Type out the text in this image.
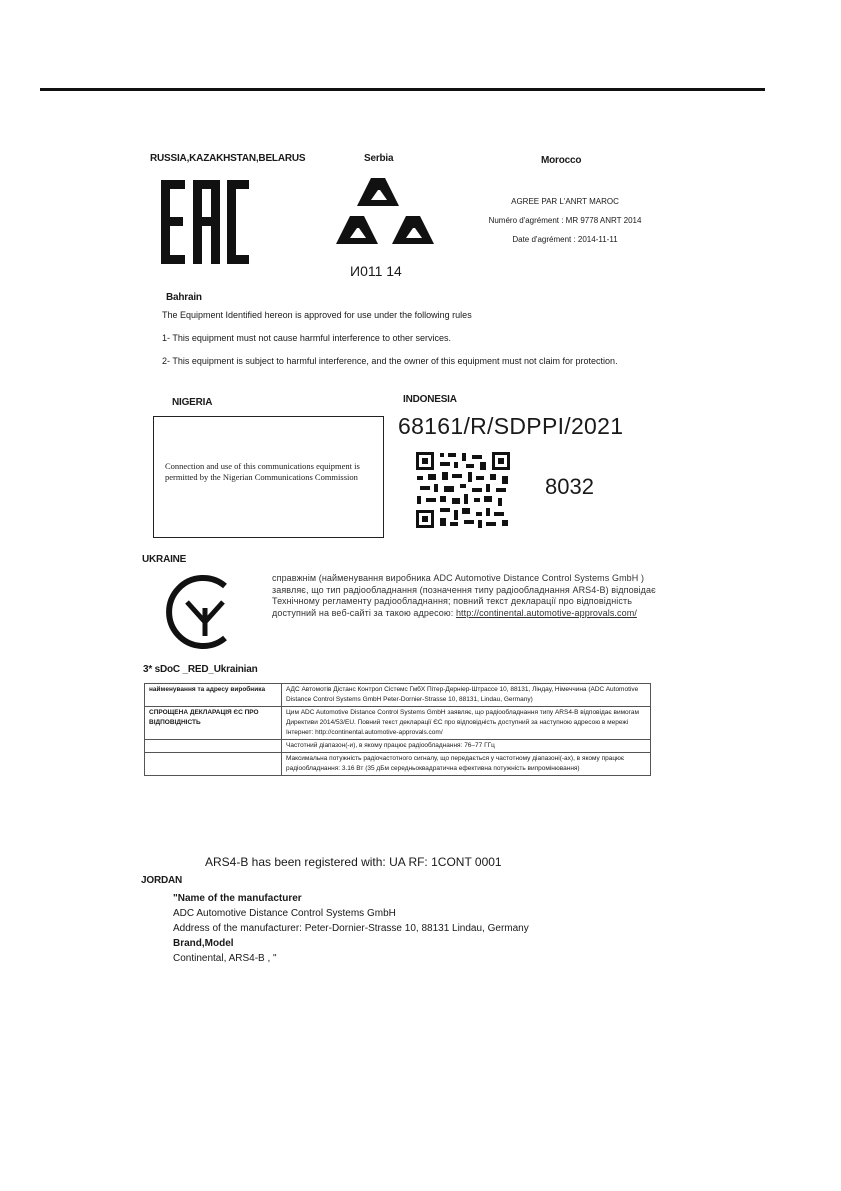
RUSSIA,KAZAKHSTAN,BELARUS	Serbia	Morocco
И011 14
AGREE PAR L'ANRT MAROC
Numéro d'agrément : MR 9778 ANRT 2014
Date d'agrément : 2014-11-11
Bahrain

The Equipment Identified hereon is approved for use under the following rules

1- This equipment must not cause harmful interference to other services.

2- This equipment is subject to harmful interference, and the owner of this equipment must not claim for protection.

NIGERIA
Connection and use of this communications equipment is permitted by the Nigerian Communications Commission
INDONESIA
68161/R/SDPPI/2021
8032
UKRAINE
справжнім (найменування виробника ADC Automotive Distance Control Systems GmbH ) заявляє, що тип радіообладнання (позначення типу радіообладнання ARS4-B) відповідає Технічному регламенту радіообладнання; повний текст декларації про відповідність доступний на веб-сайті за такою адресою: http://continental.automotive-approvals.com/
3* sDoC _RED_Ukrainian
найменування та адресу виробника	АДС Автомотів Дістанс Контрол Сістемс ГмбХ Пітер-Дерніер-Штрассе 10, 88131, Ліндау, Німеччина (ADC Automotive Distance Control Systems GmbH Peter-Dornier-Strasse 10, 88131, Lindau, Germany)
СПРОЩЕНА ДЕКЛАРАЦІЯ ЄС ПРО ВІДПОВІДНІСТЬ	Цим ADC Automotive Distance Control Systems GmbH заявляє, що радіообладнання типу ARS4-B відповідає вимогам Директиви 2014/53/EU. Повний текст декларації ЄС про відповідність доступний за наступною адресою в мережі Інтернет: http://continental.automotive-approvals.com/
	Частотний діапазон(-и), в якому працює радіообладнання: 76–77 ГГц
	Максимальна потужність радіочастотного сигналу, що передається у частотному діапазоні(-ах), в якому працює радіообладнання: 3.16 Вт (35 дБм середньоквадратична ефективна потужність випромінювання)
ARS4-B has been registered with: UA RF: 1CONT 0001
JORDAN
"Name of the manufacturer
ADC Automotive Distance Control Systems GmbH
Address of the manufacturer: Peter-Dornier-Strasse 10, 88131 Lindau, Germany
Brand,Model
Continental, ARS4-B , "
